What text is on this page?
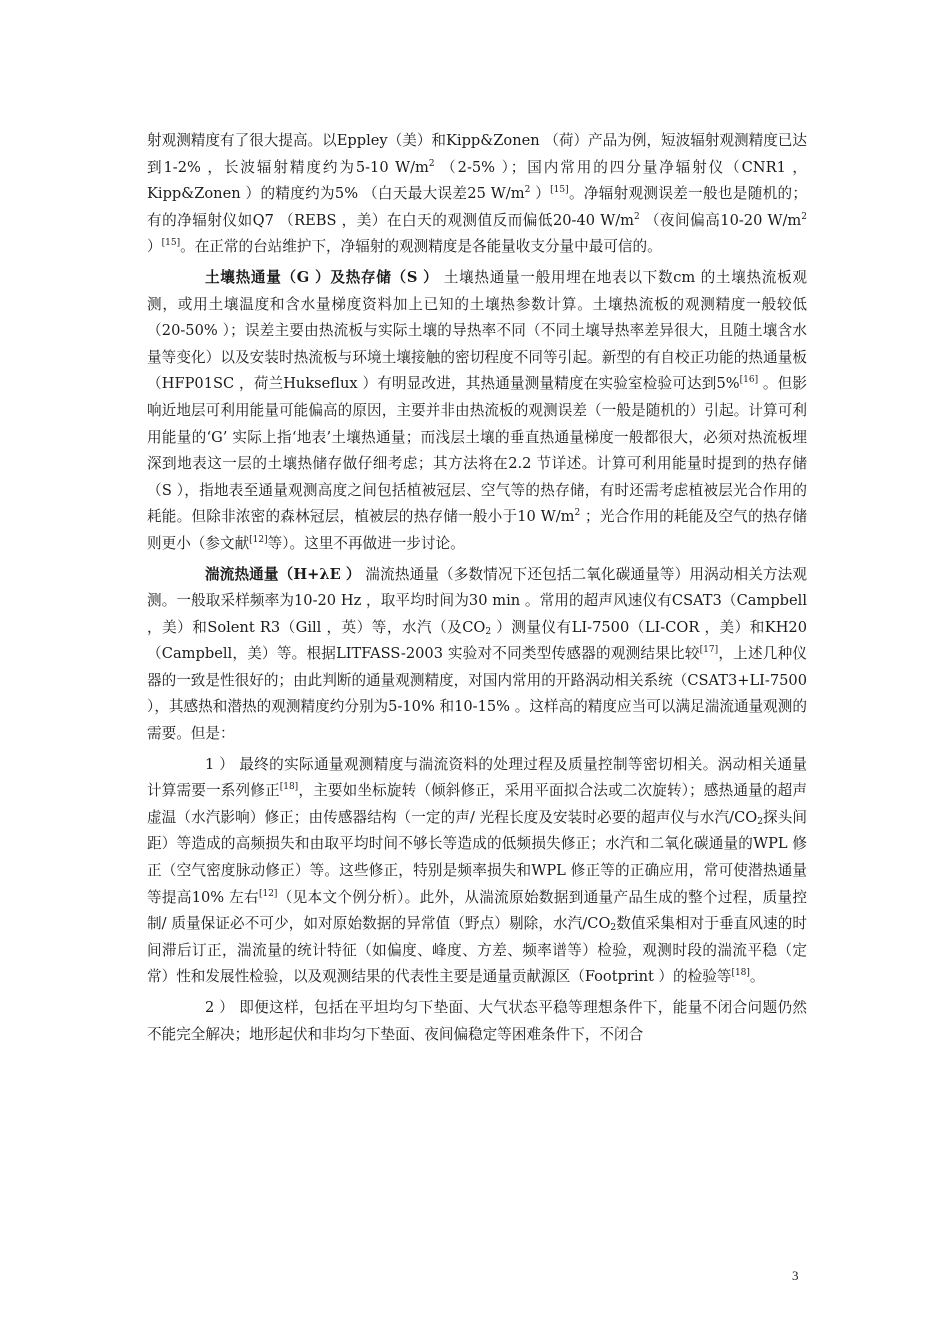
射观测精度有了很大提高。以Eppley（美）和Kipp&Zonen （荷）产品为例，短波辐射观测精度已达到1-2% ，长波辐射精度约为5-10 $W/m^2$ （2-5% ）；国内常用的四分量净辐射仪（CNR1 ，Kipp&Zonen ）的精度约为5% （白天最大误差25 $W/m^2$ ）[15]。净辐射观测误差一般也是随机的；有的净辐射仪如Q7 （REBS ，美）在白天的观测值反而偏低20-40 $W/m^2$ （夜间偏高10-20 $W/m^2$ ）[15]。在正常的台站维护下，净辐射的观测精度是各能量收支分量中最可信的。

土壤热通量（G ）及热存储（S ） 土壤热通量一般用埋在地表以下数cm 的土壤热流板观测，或用土壤温度和含水量梯度资料加上已知的土壤热参数计算。土壤热流板的观测精度一般较低（20-50% ）；误差主要由热流板与实际土壤的导热率不同（不同土壤导热率差异很大，且随土壤含水量等变化）以及安装时热流板与环境土壤接触的密切程度不同等引起。新型的有自校正功能的热通量板（HFP01SC ，荷兰Hukseflux ）有明显改进，其热通量测量精度在实验室检验可达到5%[16] 。但影响近地层可利用能量可能偏高的原因，主要并非由热流板的观测误差（一般是随机的）引起。计算可利用能量的‘G’ 实际上指‘地表’土壤热通量；而浅层土壤的垂直热通量梯度一般都很大，必须对热流板埋深到地表这一层的土壤热储存做仔细考虑；其方法将在2.2 节详述。计算可利用能量时提到的热存储（S ），指地表至通量观测高度之间包括植被冠层、空气等的热存储，有时还需考虑植被层光合作用的耗能。但除非浓密的森林冠层，植被层的热存储一般小于10 $W/m^2$ ；光合作用的耗能及空气的热存储则更小（参文献[12]等）。这里不再做进一步讨论。

湍流热通量（H+λE ） 湍流热通量（多数情况下还包括二氧化碳通量等）用涡动相关方法观测。一般取采样频率为10-20 Hz ，取平均时间为30 min 。常用的超声风速仪有CSAT3（Campbell ，美）和Solent R3（Gill ，英）等，水汽（及$CO_2$ ）测量仪有LI-7500（LI-COR ，美）和KH20 （Campbell，美）等。根据LITFASS-2003 实验对不同类型传感器的观测结果比较[17]，上述几种仪器的一致是性很好的；由此判断的通量观测精度，对国内常用的开路涡动相关系统（CSAT3+LI-7500 ），其感热和潜热的观测精度约分别为5-10% 和10-15% 。这样高的精度应当可以满足湍流通量观测的需要。但是：

1 ） 最终的实际通量观测精度与湍流资料的处理过程及质量控制等密切相关。涡动相关通量计算需要一系列修正[18]，主要如坐标旋转（倾斜修正，采用平面拟合法或二次旋转）；感热通量的超声虚温（水汽影响）修正；由传感器结构（一定的声/ 光程长度及安装时必要的超声仪与水汽$/CO_2$探头间距）等造成的高频损失和由取平均时间不够长等造成的低频损失修正；水汽和二氧化碳通量的WPL 修正（空气密度脉动修正）等。这些修正，特别是频率损失和WPL 修正等的正确应用，常可使潜热通量等提高10% 左右[12]（见本文个例分析）。此外，从湍流原始数据到通量产品生成的整个过程，质量控制/ 质量保证必不可少，如对原始数据的异常值（野点）剔除，水汽$/CO_2$数值采集相对于垂直风速的时间滞后订正，湍流量的统计特征（如偏度、峰度、方差、频率谱等）检验，观测时段的湍流平稳（定常）性和发展性检验，以及观测结果的代表性主要是通量贡献源区（Footprint ）的检验等[18]。

2 ） 即便这样，包括在平坦均匀下垫面、大气状态平稳等理想条件下，能量不闭合问题仍然不能完全解决；地形起伏和非均匀下垫面、夜间偏稳定等困难条件下，不闭合

3
